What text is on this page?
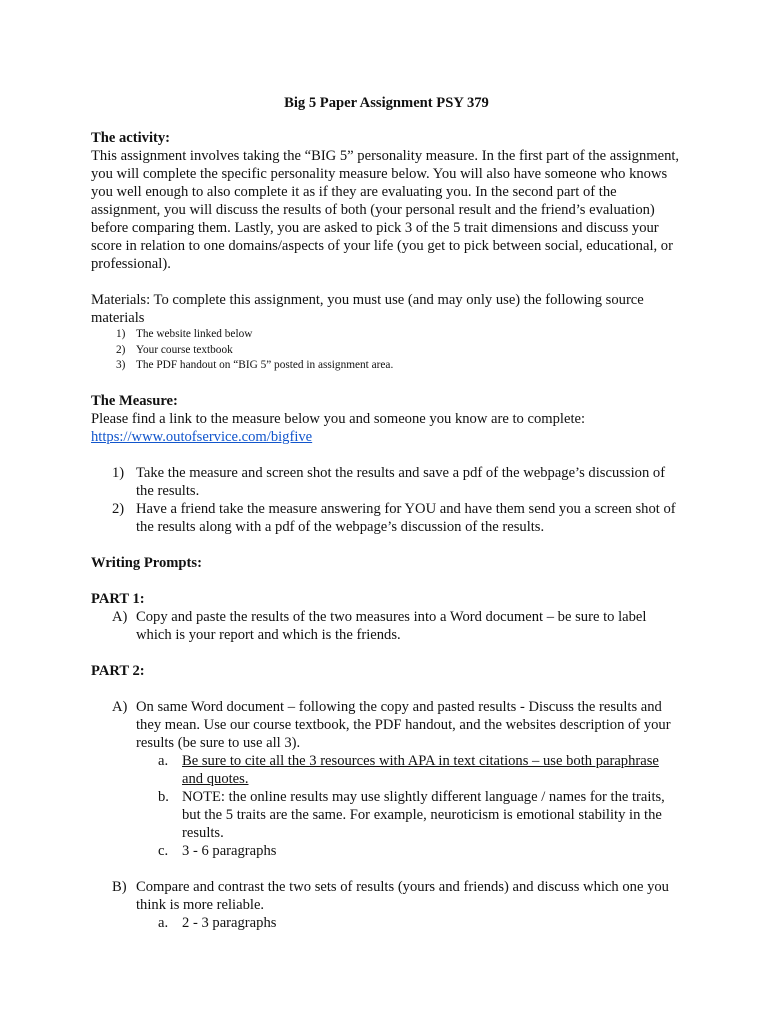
Big 5 Paper Assignment PSY 379

The activity:

This assignment involves taking the “BIG 5” personality measure. In the first part of the assignment, you will complete the specific personality measure below. You will also have someone who knows you well enough to also complete it as if they are evaluating you. In the second part of the assignment, you will discuss the results of both (your personal result and the friend’s evaluation) before comparing them. Lastly, you are asked to pick 3 of the 5 trait dimensions and discuss your score in relation to one domains/aspects of your life (you get to pick between social, educational, or professional).

Materials: To complete this assignment, you must use (and may only use) the following source materials

1) The website linked below
2) Your course textbook
3) The PDF handout on “BIG 5” posted in assignment area.

The Measure:

Please find a link to the measure below you and someone you know are to complete:

https://www.outofservice.com/bigfive

1) Take the measure and screen shot the results and save a pdf of the webpage’s discussion of the results.
2) Have a friend take the measure answering for YOU and have them send you a screen shot of the results along with a pdf of the webpage’s discussion of the results.

Writing Prompts:

PART 1:

A) Copy and paste the results of the two measures into a Word document – be sure to label which is your report and which is the friends.

PART 2:

A) On same Word document – following the copy and pasted results - Discuss the results and they mean. Use our course textbook, the PDF handout, and the websites description of your results (be sure to use all 3).

a. Be sure to cite all the 3 resources with APA in text citations – use both paraphrase and quotes.
b. NOTE: the online results may use slightly different language / names for the traits, but the 5 traits are the same. For example, neuroticism is emotional stability in the results.
c. 3 - 6 paragraphs
B) Compare and contrast the two sets of results (yours and friends) and discuss which one you think is more reliable.

a. 2 - 3 paragraphs
